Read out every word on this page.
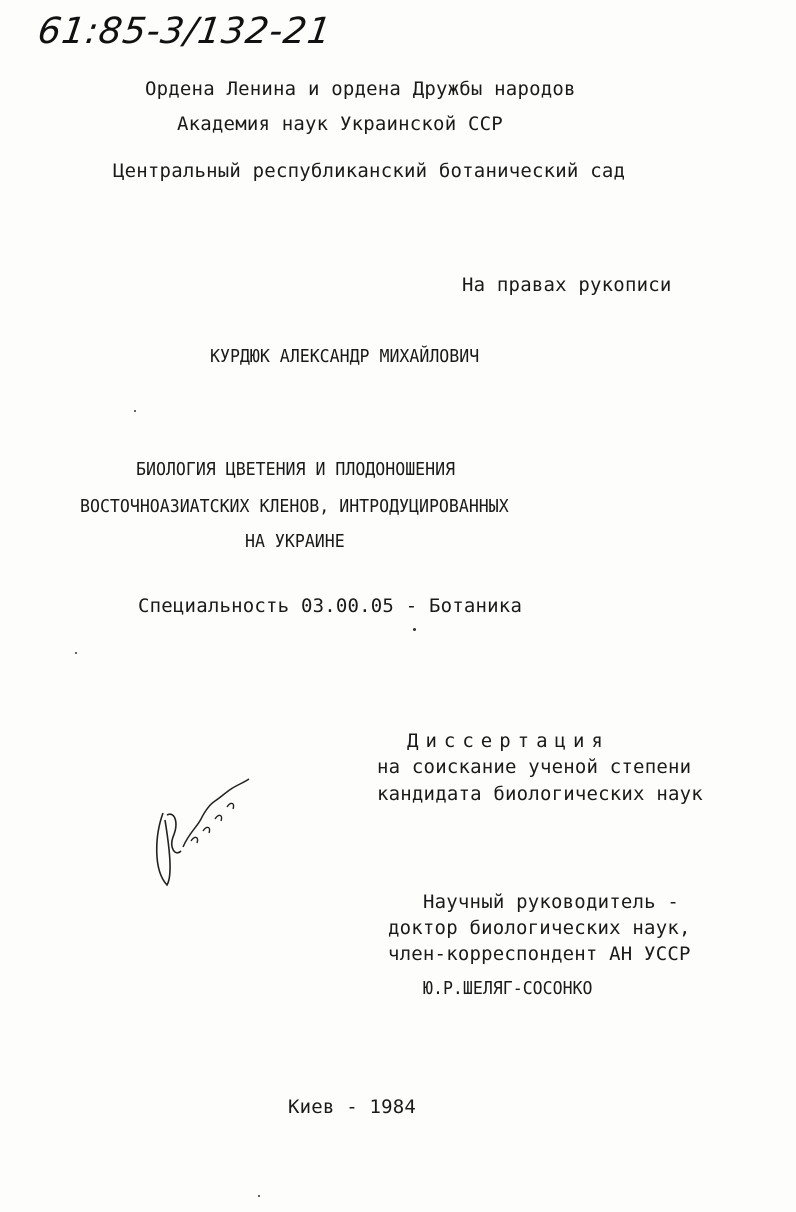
61:85-3/132-21
Ордена Ленина и ордена Дружбы народов
Академия наук Украинской ССР
Центральный республиканский ботанический сад
На правах рукописи
КУРДЮК АЛЕКСАНДР МИХАЙЛОВИЧ
БИОЛОГИЯ ЦВЕТЕНИЯ И ПЛОДОНОШЕНИЯ
ВОСТОЧНОАЗИАТСКИХ КЛЕНОВ, ИНТРОДУЦИРОВАННЫХ
НА УКРАИНЕ
Специальность 03.00.05 - Ботаника
Диссертация
на соискание ученой степени
кандидата биологических наук
Курдюк
Научный руководитель -
доктор биологических наук,
член-корреспондент АН УССР
Ю.Р.ШЕЛЯГ-СОСОНКО
Киев - 1984
